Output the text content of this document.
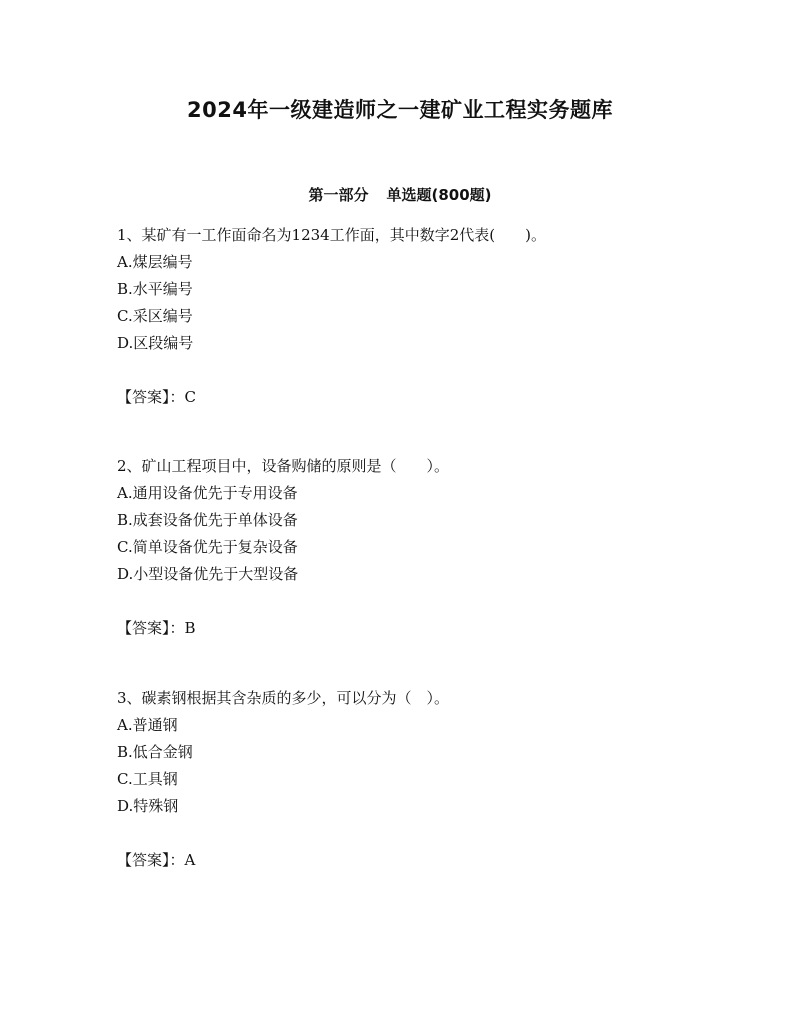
2024年一级建造师之一建矿业工程实务题库
第一部分 单选题(800题)
1、某矿有一工作面命名为1234工作面，其中数字2代表(　　)。
A.煤层编号
B.水平编号
C.采区编号
D.区段编号
【答案】：C
2、矿山工程项目中，设备购储的原则是（　　）。
A.通用设备优先于专用设备
B.成套设备优先于单体设备
C.简单设备优先于复杂设备
D.小型设备优先于大型设备
【答案】：B
3、碳素钢根据其含杂质的多少，可以分为（　）。
A.普通钢
B.低合金钢
C.工具钢
D.特殊钢
【答案】：A
